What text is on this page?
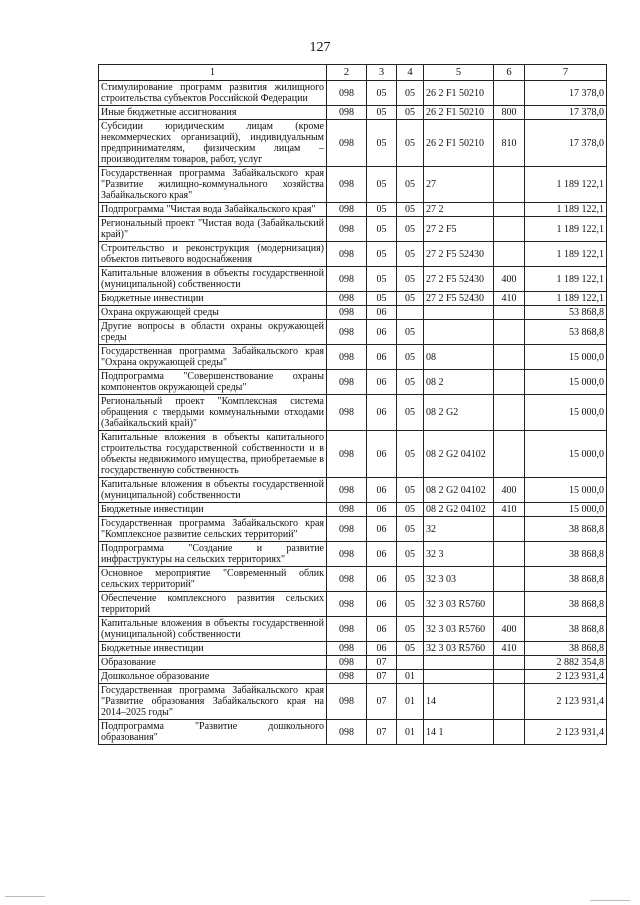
127
1	2	3	4	5	6	7
Стимулирование программ развития жилищного строительства субъектов Российской Федерации	098	05	05	26 2 F1 50210		17 378,0
Иные бюджетные ассигнования	098	05	05	26 2 F1 50210	800	17 378,0
Субсидии юридическим лицам (кроме некоммерческих организаций), индивидуальным предпринимателям, физическим лицам – производителям товаров, работ, услуг	098	05	05	26 2 F1 50210	810	17 378,0
Государственная программа Забайкальского края "Развитие жилищно-коммунального хозяйства Забайкальского края"	098	05	05	27		1 189 122,1
Подпрограмма "Чистая вода Забайкальского края"	098	05	05	27 2		1 189 122,1
Региональный проект "Чистая вода (Забайкальский край)"	098	05	05	27 2 F5		1 189 122,1
Строительство и реконструкция (модернизация) объектов питьевого водоснабжения	098	05	05	27 2 F5 52430		1 189 122,1
Капитальные вложения в объекты государственной (муниципальной) собственности	098	05	05	27 2 F5 52430	400	1 189 122,1
Бюджетные инвестиции	098	05	05	27 2 F5 52430	410	1 189 122,1
Охрана окружающей среды	098	06				53 868,8
Другие вопросы в области охраны окружающей среды	098	06	05			53 868,8
Государственная программа Забайкальского края "Охрана окружающей среды"	098	06	05	08		15 000,0
Подпрограмма "Совершенствование охраны компонентов окружающей среды"	098	06	05	08 2		15 000,0
Региональный проект "Комплексная система обращения с твердыми коммунальными отходами (Забайкальский край)"	098	06	05	08 2 G2		15 000,0
Капитальные вложения в объекты капитального строительства государственной собственности и в объекты недвижимого имущества, приобретаемые в государственную собственность	098	06	05	08 2 G2 04102		15 000,0
Капитальные вложения в объекты государственной (муниципальной) собственности	098	06	05	08 2 G2 04102	400	15 000,0
Бюджетные инвестиции	098	06	05	08 2 G2 04102	410	15 000,0
Государственная программа Забайкальского края "Комплексное развитие сельских территорий"	098	06	05	32		38 868,8
Подпрограмма "Создание и развитие инфраструктуры на сельских территориях"	098	06	05	32 3		38 868,8
Основное мероприятие "Современный облик сельских территорий"	098	06	05	32 3 03		38 868,8
Обеспечение комплексного развития сельских территорий	098	06	05	32 3 03 R5760		38 868,8
Капитальные вложения в объекты государственной (муниципальной) собственности	098	06	05	32 3 03 R5760	400	38 868,8
Бюджетные инвестиции	098	06	05	32 3 03 R5760	410	38 868,8
Образование	098	07				2 882 354,8
Дошкольное образование	098	07	01			2 123 931,4
Государственная программа Забайкальского края "Развитие образования Забайкальского края на 2014–2025 годы"	098	07	01	14		2 123 931,4
Подпрограмма "Развитие дошкольного образования"	098	07	01	14 1		2 123 931,4
